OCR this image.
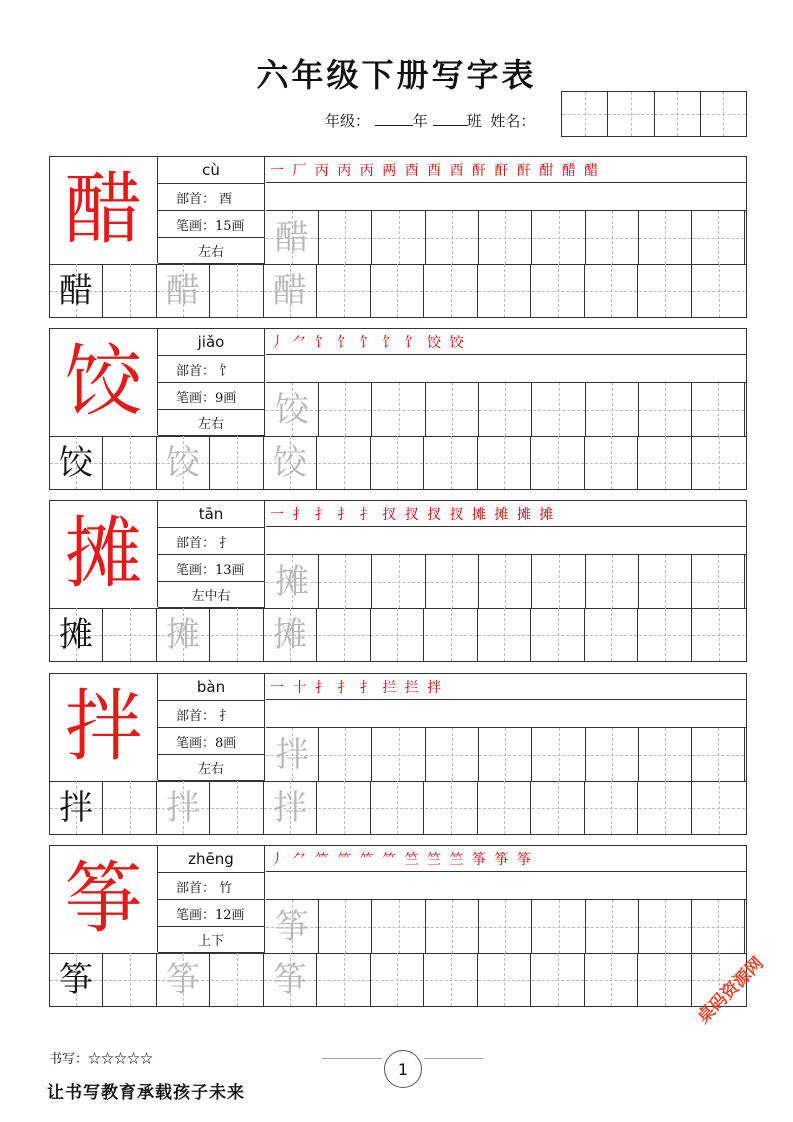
六年级下册写字表
年级：	年	班 姓名：
醋	cù
部首： 酉
笔画：15画
左右
一 厂 丙 丙 丙 两 酉 酉 酉 酐 酐 酐 酣 醋 醋
醋
醋 醋 醋
饺	jiǎo
部首： 饣
笔画：9画
左右
丿 ⺈ 饣 饣 饣 饣 饣 饺 饺
饺
饺 饺 饺
摊	tān
部首： 扌
笔画：13画
左中右
一 扌 扌 扌 扌 扠 扠 扠 扠 摊 摊 摊 摊
摊
摊 摊 摊
拌	bàn
部首： 扌
笔画：8画
左右
一 十 扌 扌 扌 拦 拦 拌
拌
拌 拌 拌
筝	zhēng
部首： 竹
笔画：12画
上下
丿 ⺈ ⺮ ⺮ ⺮ ⺮ 竺 竺 竺 筝 筝 筝
筝
筝 筝 筝
书写：☆☆☆☆☆
让书写教育承载孩子未来
1
桌码资源网
